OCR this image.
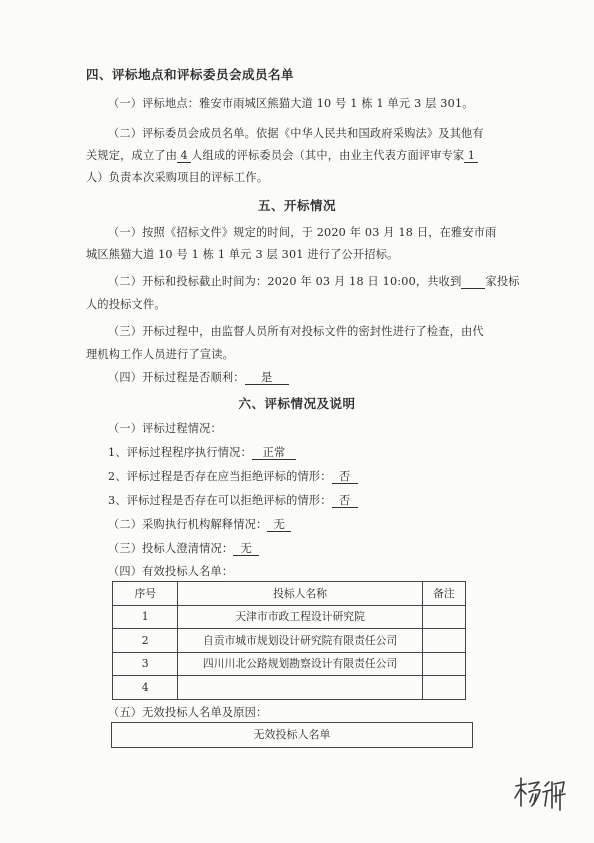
四、评标地点和评标委员会成员名单
（一）评标地点：雅安市雨城区熊猫大道 10 号 1 栋 1 单元 3 层 301。
（二）评标委员会成员名单。依据《中华人民共和国政府采购法》及其他有
关规定，成立了由 4 人组成的评标委员会（其中，由业主代表方面评审专家 1
人）负责本次采购项目的评标工作。
五、开标情况
（一）按照《招标文件》规定的时间，于 2020 年 03 月 18 日，在雅安市雨
城区熊猫大道 10 号 1 栋 1 单元 3 层 301 进行了公开招标。
（二）开标和投标截止时间为：2020 年 03 月 18 日 10:00，共收到 家投标
人的投标文件。
（三）开标过程中，由监督人员所有对投标文件的密封性进行了检查，由代
理机构工作人员进行了宣读。
（四）开标过程是否顺利： 是
六、评标情况及说明
（一）评标过程情况：
1、评标过程程序执行情况： 正常
2、评标过程是否存在应当拒绝评标的情形： 否
3、评标过程是否存在可以拒绝评标的情形： 否
（二）采购执行机构解释情况： 无
（三）投标人澄清情况： 无
（四）有效投标人名单：
序号	投标人名称	备注
1	天津市市政工程设计研究院	
2	自贡市城市规划设计研究院有限责任公司	
3	四川川北公路规划勘察设计有限责任公司	
4		
（五）无效投标人名单及原因：
无效投标人名单
